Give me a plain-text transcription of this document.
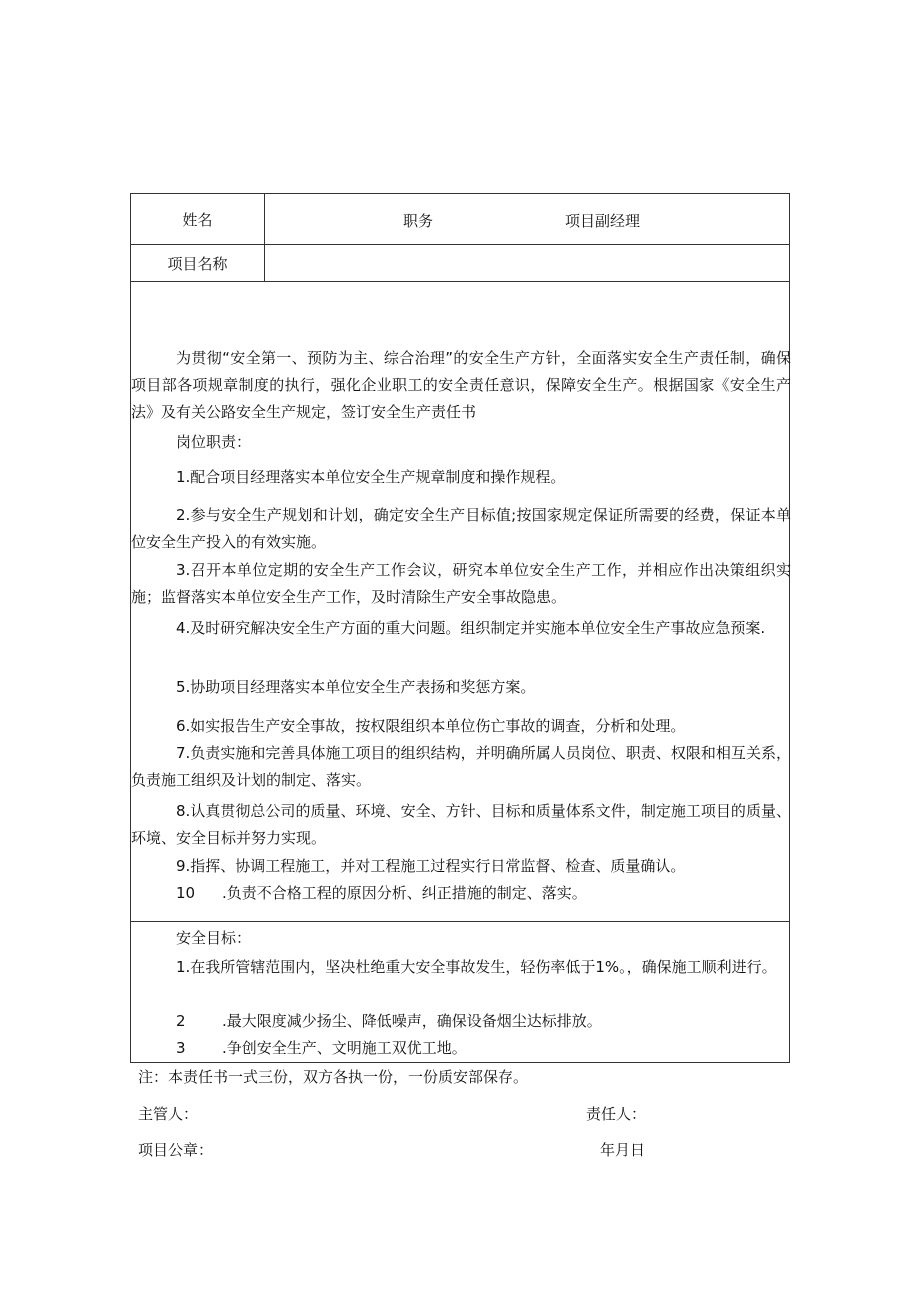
姓名	职务	项目副经理
项目名称
为贯彻“安全第一、预防为主、综合治理”的安全生产方针，全面落实安全生产责任制，确保项目部各项规章制度的执行，强化企业职工的安全责任意识，保障安全生产。根据国家《安全生产法》及有关公路安全生产规定，签订安全生产责任书
岗位职责：
1.配合项目经理落实本单位安全生产规章制度和操作规程。
2.参与安全生产规划和计划，确定安全生产目标值;按国家规定保证所需要的经费，保证本单位安全生产投入的有效实施。
3.召开本单位定期的安全生产工作会议，研究本单位安全生产工作，并相应作出决策组织实施；监督落实本单位安全生产工作，及时清除生产安全事故隐患。
4.及时研究解决安全生产方面的重大问题。组织制定并实施本单位安全生产事故应急预案.
5.协助项目经理落实本单位安全生产表扬和奖惩方案。
6.如实报告生产安全事故，按权限组织本单位伤亡事故的调查，分析和处理。
7.负责实施和完善具体施工项目的组织结构，并明确所属人员岗位、职责、权限和相互关系，负责施工组织及计划的制定、落实。
8.认真贯彻总公司的质量、环境、安全、方针、目标和质量体系文件，制定施工项目的质量、环境、安全目标并努力实现。
9.指挥、协调工程施工，并对工程施工过程实行日常监督、检查、质量确认。
10 .负责不合格工程的原因分析、纠正措施的制定、落实。
安全目标：
1.在我所管辖范围内，坚决杜绝重大安全事故发生，轻伤率低于1%。，确保施工顺利进行。
2 .最大限度减少扬尘、降低噪声，确保设备烟尘达标排放。
3 .争创安全生产、文明施工双优工地。
注：本责任书一式三份，双方各执一份，一份质安部保存。
主管人：	责任人：
项目公章：	年月日
